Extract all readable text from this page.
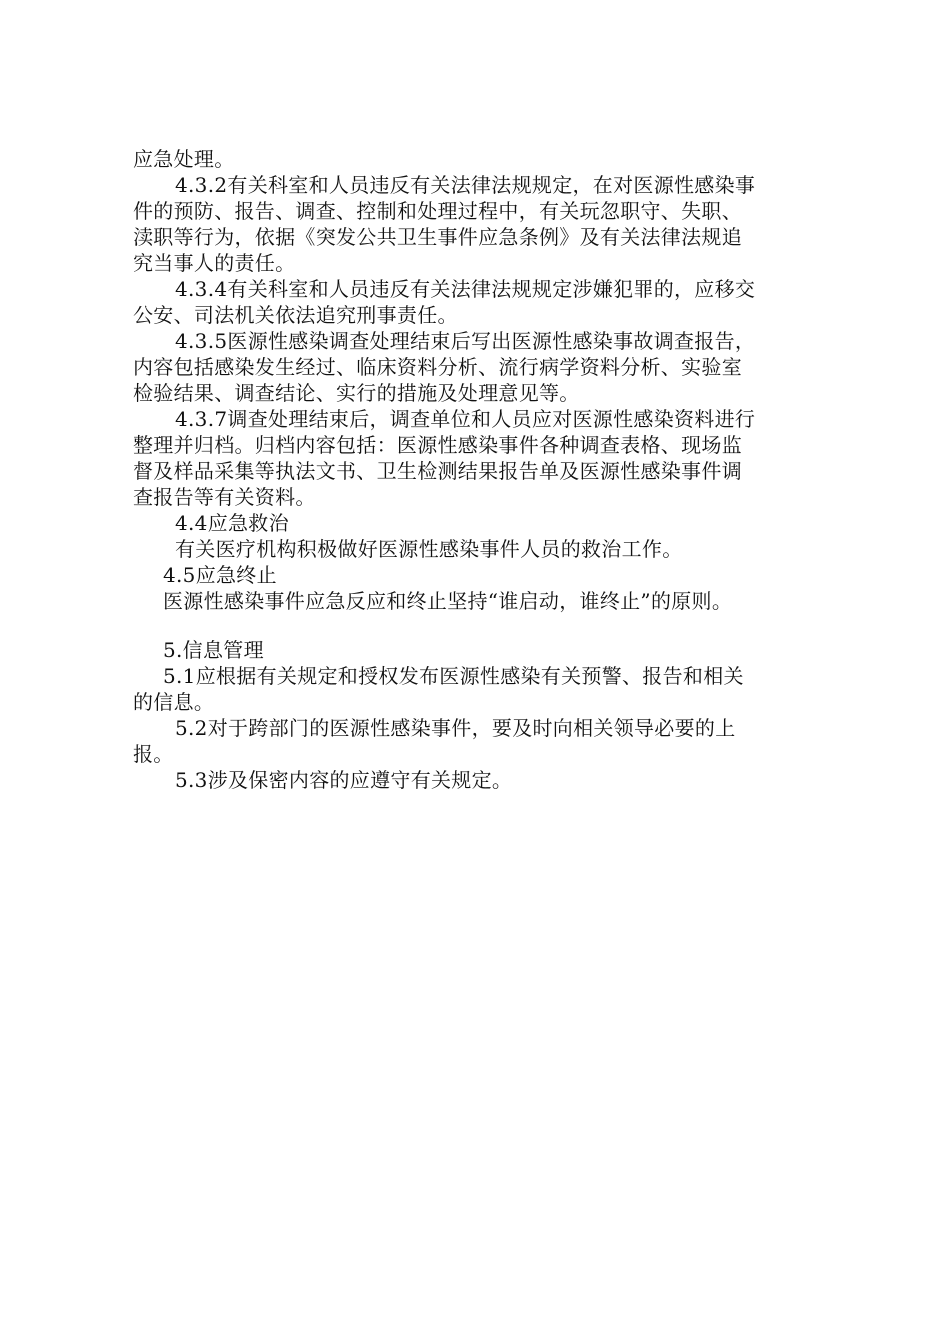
应急处理。
4.3.2有关科室和人员违反有关法律法规规定，在对医源性感染事
件的预防、报告、调查、控制和处理过程中，有关玩忽职守、失职、
渎职等行为，依据《突发公共卫生事件应急条例》及有关法律法规追
究当事人的责任。
4.3.4有关科室和人员违反有关法律法规规定涉嫌犯罪的，应移交
公安、司法机关依法追究刑事责任。
4.3.5医源性感染调查处理结束后写出医源性感染事故调查报告，
内容包括感染发生经过、临床资料分析、流行病学资料分析、实验室
检验结果、调查结论、实行的措施及处理意见等。
4.3.7调查处理结束后，调查单位和人员应对医源性感染资料进行
整理并归档。归档内容包括：医源性感染事件各种调查表格、现场监
督及样品采集等执法文书、卫生检测结果报告单及医源性感染事件调
查报告等有关资料。
4.4应急救治
有关医疗机构积极做好医源性感染事件人员的救治工作。
4.5应急终止
医源性感染事件应急反应和终止坚持“谁启动，谁终止”的原则。
5.信息管理
5.1应根据有关规定和授权发布医源性感染有关预警、报告和相关
的信息。
5.2对于跨部门的医源性感染事件，要及时向相关领导必要的上
报。
5.3涉及保密内容的应遵守有关规定。
